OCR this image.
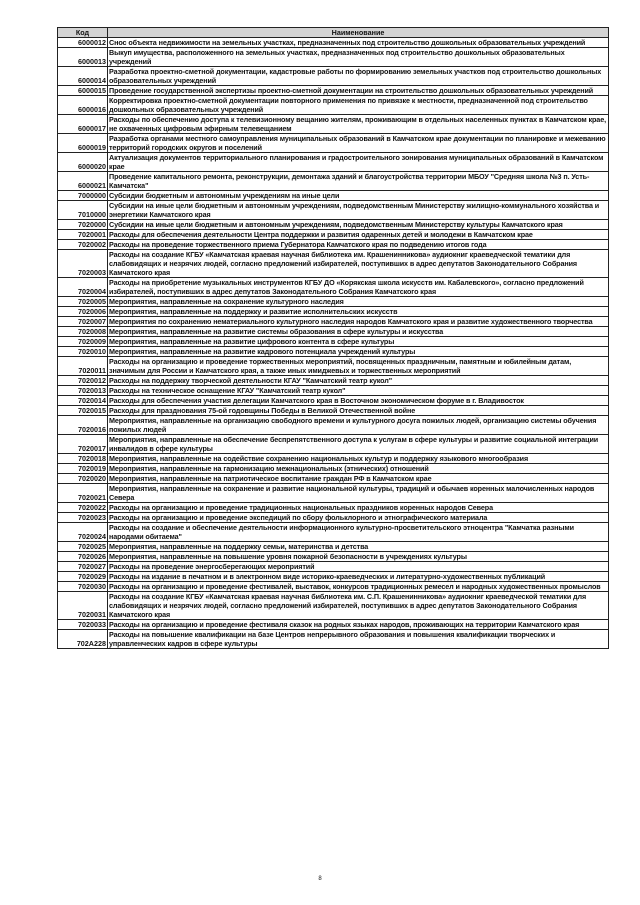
Код	Наименование
6000012	Снос объекта недвижимости на земельных участках, предназначенных под строительство дошкольных образовательных учреждений
6000013	Выкуп имущества, расположенного на земельных участках, предназначенных под строительство дошкольных образовательных учреждений
6000014	Разработка проектно-сметной документации, кадастровые работы по формированию земельных участков под строительство дошкольных образовательных учреждений
6000015	Проведение государственной экспертизы проектно-сметной документации на строительство дошкольных образовательных учреждений
6000016	Корректировка проектно-сметной документации повторного применения по привязке к местности, предназначенной под строительство дошкольных образовательных учреждений
6000017	Расходы по обеспечению доступа к телевизионному вещанию жителям, проживающим в отдельных населенных пунктах в Камчатском крае, не охваченных цифровым эфирным телевещанием
6000019	Разработка органами местного самоуправления муниципальных образований в Камчатском крае документации по планировке и межеванию территорий городских округов и поселений
6000020	Актуализация документов территориального планирования и градостроительного зонирования муниципальных образований в Камчатском крае
6000021	Проведение капитального ремонта, реконструкции, демонтажа зданий и благоустройства территории МБОУ "Средняя школа №3 п. Усть-Камчатска"
7000000	Субсидии бюджетным и автономным учреждениям на иные цели
7010000	Субсидии на иные цели бюджетным и автономным учреждениям, подведомственным Министерству жилищно-коммунального хозяйства и энергетики Камчатского края
7020000	Субсидии на иные цели бюджетным и автономным учреждениям, подведомственным Министерству культуры Камчатского края
7020001	Расходы для обеспечения деятельности Центра поддержки и развития одаренных детей и молодежи в Камчатском крае
7020002	Расходы на проведение торжественного приема Губернатора Камчатского края по подведению итогов года
7020003	Расходы на создание КГБУ «Камчатская краевая научная библиотека им. Крашенинникова» аудиокниг краеведческой тематики для слабовидящих и незрячих людей, согласно предложений избирателей, поступивших в адрес депутатов Законодательного Собрания Камчатского края
7020004	Расходы на приобретение музыкальных инструментов КГБУ ДО «Корякская школа искусств им. Кабалевского», согласно предложений избирателей, поступивших в адрес депутатов Законодательного Собрания Камчатского края
7020005	Мероприятия, направленные на сохранение культурного наследия
7020006	Мероприятия, направленные на поддержку и развитие исполнительских искусств
7020007	Мероприятия по сохранению нематериального культурного наследия народов Камчатского края и развитие художественного творчества
7020008	Мероприятия, направленные на развитие системы образования в сфере культуры и искусства
7020009	Мероприятия, направленные на развитие цифрового контента в сфере культуры
7020010	Мероприятия, направленные на развитие кадрового потенциала учреждений культуры
7020011	Расходы на организацию и проведение торжественных мероприятий, посвященных праздничным, памятным и юбилейным датам, значимым для России и Камчатского края, а также иных имиджевых и торжественных мероприятий
7020012	Расходы на поддержку творческой деятельности КГАУ "Камчатский театр кукол"
7020013	Расходы на техническое оснащение КГАУ "Камчатский театр кукол"
7020014	Расходы для обеспечения участия делегации Камчатского края в Восточном экономическом форуме в г. Владивосток
7020015	Расходы для празднования 75-ой годовщины Победы в Великой Отечественной войне
7020016	Мероприятия, направленные на организацию свободного времени и культурного досуга пожилых людей, организацию системы обучения пожилых людей
7020017	Мероприятия, направленные на обеспечение беспрепятственного доступа к услугам в сфере культуры и развитие социальной интеграции инвалидов в сфере культуры
7020018	Мероприятия, направленные на содействие сохранению национальных культур и поддержку языкового многообразия
7020019	Мероприятия, направленные на гармонизацию межнациональных (этнических) отношений
7020020	Мероприятия, направленные на патриотическое воспитание граждан РФ в Камчатском крае
7020021	Мероприятия, направленные на сохранение и развитие национальной культуры, традиций и обычаев коренных малочисленных народов Севера
7020022	Расходы на организацию и проведение традиционных национальных праздников коренных народов Севера
7020023	Расходы на организацию и проведение экспедиций по сбору фольклорного и этнографического материала
7020024	Расходы на создание и обеспечение деятельности информационного культурно-просветительского этноцентра "Камчатка разными народами обитаема"
7020025	Мероприятия, направленные на поддержку семьи, материнства и детства
7020026	Мероприятия, направленные на повышение уровня пожарной безопасности в учреждениях культуры
7020027	Расходы на проведение энергосберегающих мероприятий
7020029	Расходы на издание в печатном и в электронном виде историко-краеведческих и литературно-художественных публикаций
7020030	Расходы на организацию и проведение фестивалей, выставок, конкурсов традиционных ремесел и народных художественных промыслов
7020031	Расходы на создание КГБУ «Камчатская краевая научная библиотека им. С.П. Крашенинникова» аудиокниг краеведческой тематики для слабовидящих и незрячих людей, согласно предложений избирателей, поступивших в адрес депутатов Законодательного Собрания Камчатского края
7020033	Расходы на организацию и проведение фестиваля сказок на родных языках народов, проживающих на территории Камчатского края
702A228	Расходы на повышение квалификации на базе Центров непрерывного образования и повышения квалификации творческих и управленческих кадров в сфере культуры
8
